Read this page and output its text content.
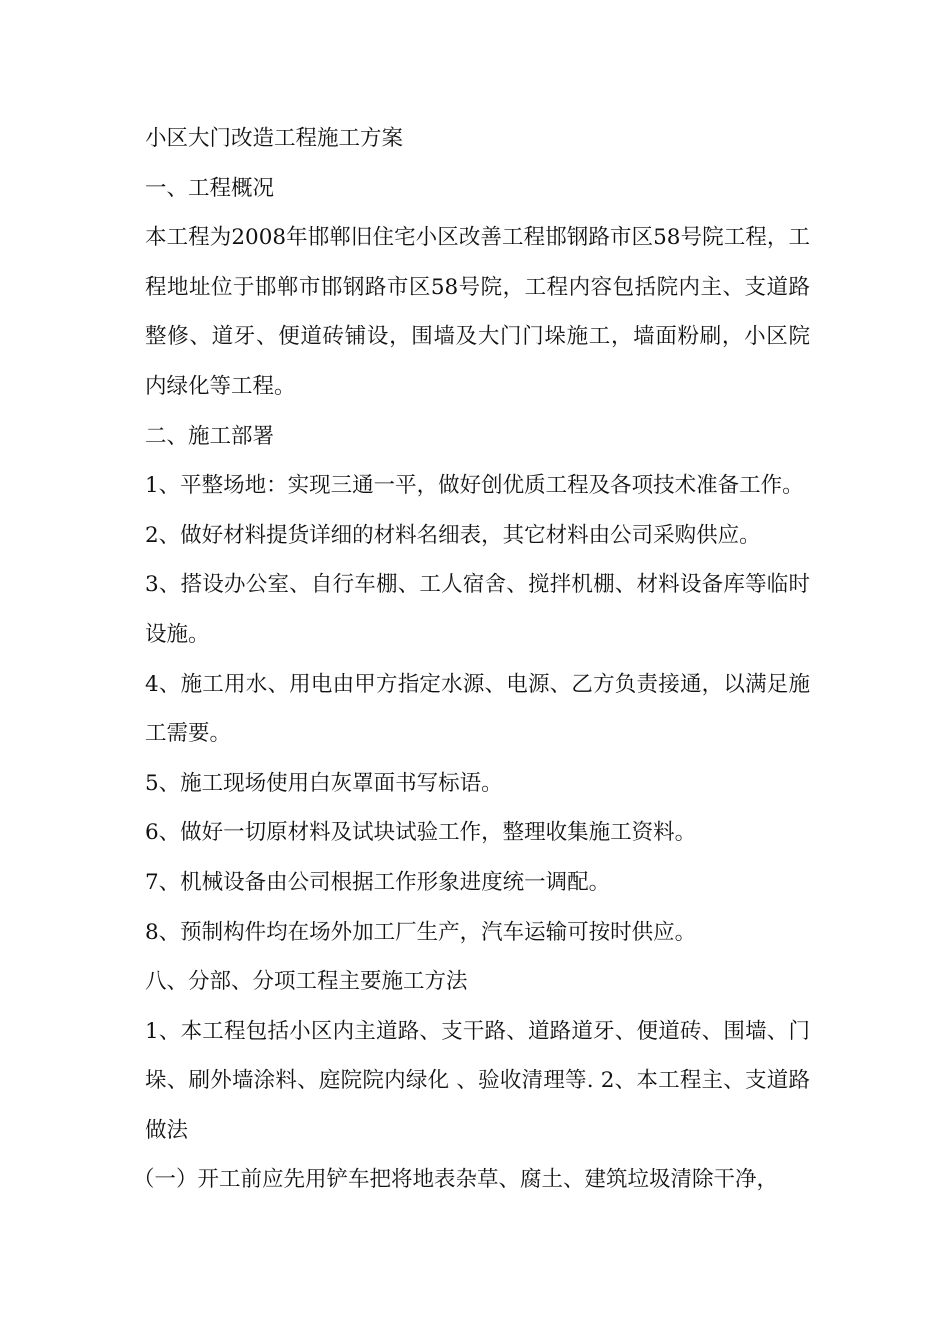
小区大门改造工程施工方案

一、工程概况

本工程为2008年邯郸旧住宅小区改善工程邯钢路市区58号院工程，工程地址位于邯郸市邯钢路市区58号院，工程内容包括院内主、支道路整修、道牙、便道砖铺设，围墙及大门门垛施工，墙面粉刷，小区院内绿化等工程。

二、施工部署

1、平整场地：实现三通一平，做好创优质工程及各项技术准备工作。

2、做好材料提货详细的材料名细表，其它材料由公司采购供应。

3、搭设办公室、自行车棚、工人宿舍、搅拌机棚、材料设备库等临时设施。

4、施工用水、用电由甲方指定水源、电源、乙方负责接通，以满足施工需要。

5、施工现场使用白灰罩面书写标语。

6、做好一切原材料及试块试验工作，整理收集施工资料。

7、机械设备由公司根据工作形象进度统一调配。

8、预制构件均在场外加工厂生产，汽车运输可按时供应。

八、分部、分项工程主要施工方法

1、本工程包括小区内主道路、支干路、道路道牙、便道砖、围墙、门垛、刷外墙涂料、庭院院内绿化 、验收清理等. 2、本工程主、支道路做法

（一）开工前应先用铲车把将地表杂草、腐土、建筑垃圾清除干净，
